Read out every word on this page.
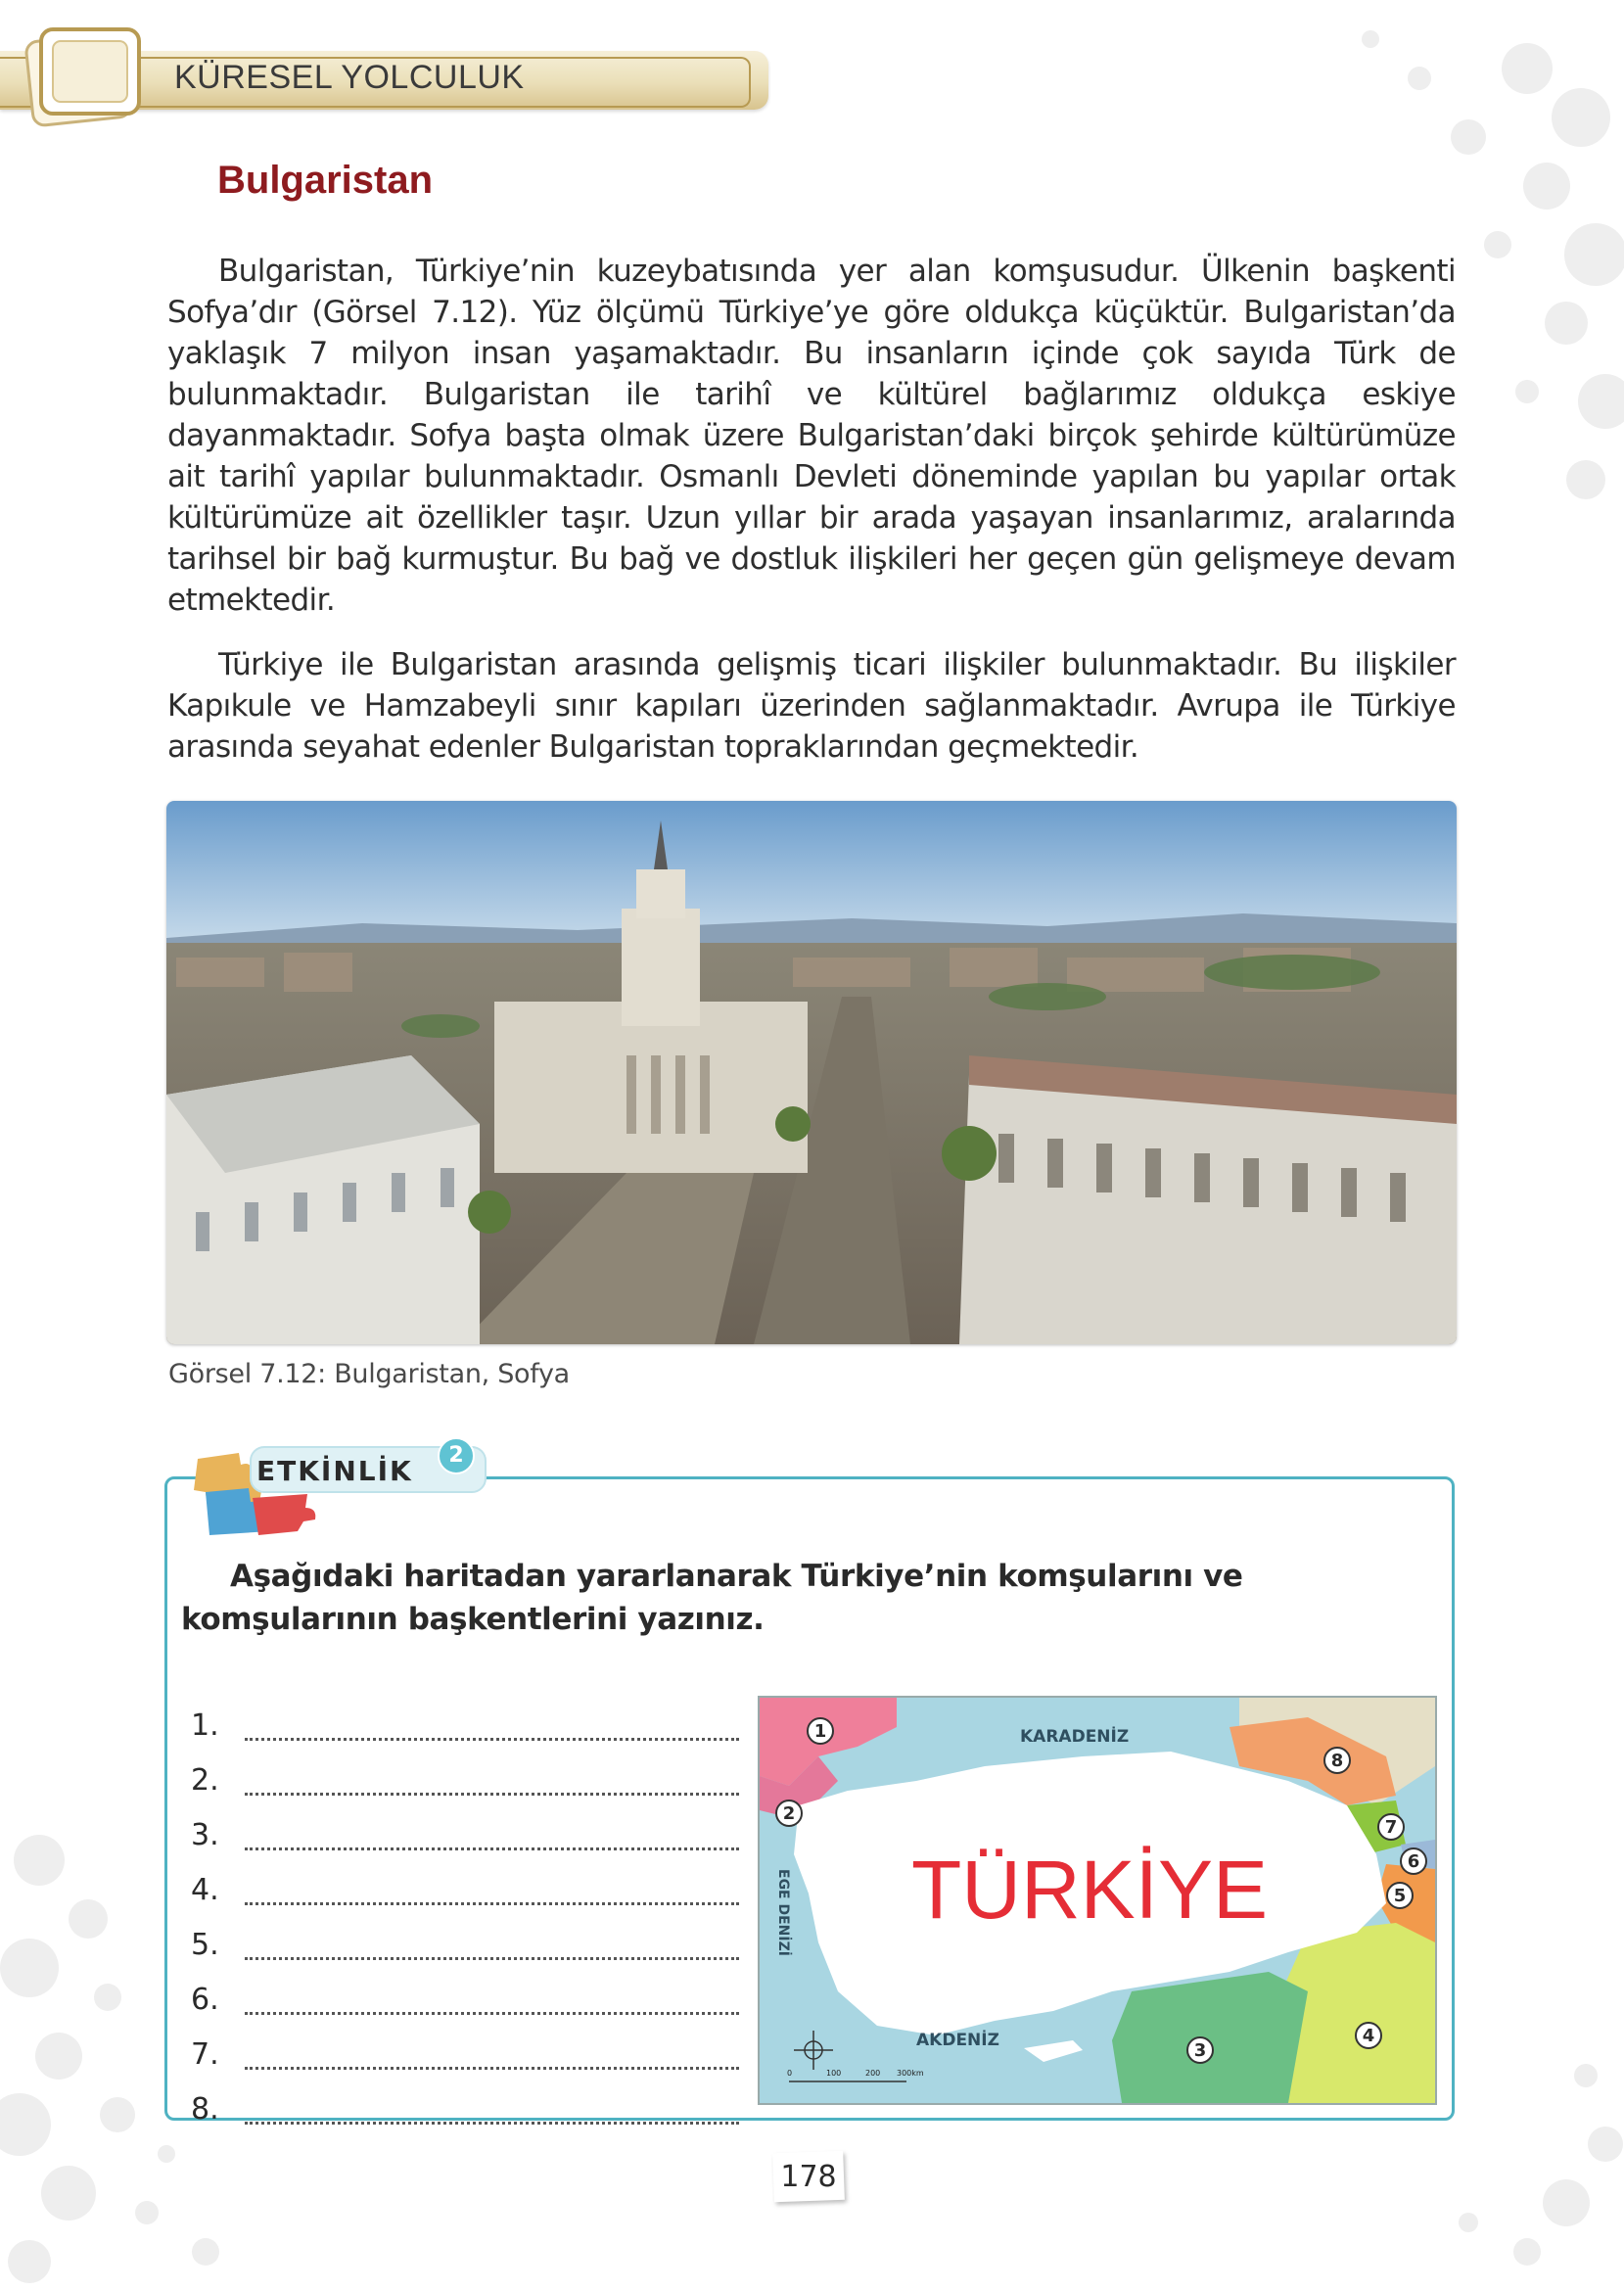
KÜRESEL YOLCULUK
Bulgaristan
Bulgaristan, Türkiye’nin kuzeybatısında yer alan komşusudur. Ülkenin başkenti Sofya’dır (Görsel 7.12). Yüz ölçümü Türkiye’ye göre oldukça küçüktür. Bulgaristan’da yaklaşık 7 milyon insan yaşamaktadır. Bu insanların içinde çok sayıda Türk de bulunmaktadır. Bulgaristan ile tarihî ve kültürel bağlarımız oldukça eskiye dayanmaktadır. Sofya başta olmak üzere Bulgaristan’daki birçok şehirde kültürümüze ait tarihî yapılar bulunmaktadır. Osmanlı Devleti döneminde yapılan bu yapılar ortak kültürümüze ait özellikler taşır. Uzun yıllar bir arada yaşayan insanlarımız, aralarında tarihsel bir bağ kurmuştur. Bu bağ ve dostluk ilişkileri her geçen gün gelişmeye devam etmektedir.
Türkiye ile Bulgaristan arasında gelişmiş ticari ilişkiler bulunmaktadır. Bu ilişkiler Kapıkule ve Hamzabeyli sınır kapıları üzerinden sağlanmaktadır. Avrupa ile Türkiye arasında seyahat edenler Bulgaristan topraklarından geçmektedir.
Görsel 7.12: Bulgaristan, Sofya
ETKİNLİK	2
Aşağıdaki haritadan yararlanarak Türkiye’nin komşularını ve komşularının başkentlerini yazınız.
1.
2.
3.
4.
5.
6.
7.
8.
0	100	200 300km
KARADENİZ
AKDENİZ
EGE DENİZİ TÜRKİYE
1
2
3
4
5
6
7
8
178
